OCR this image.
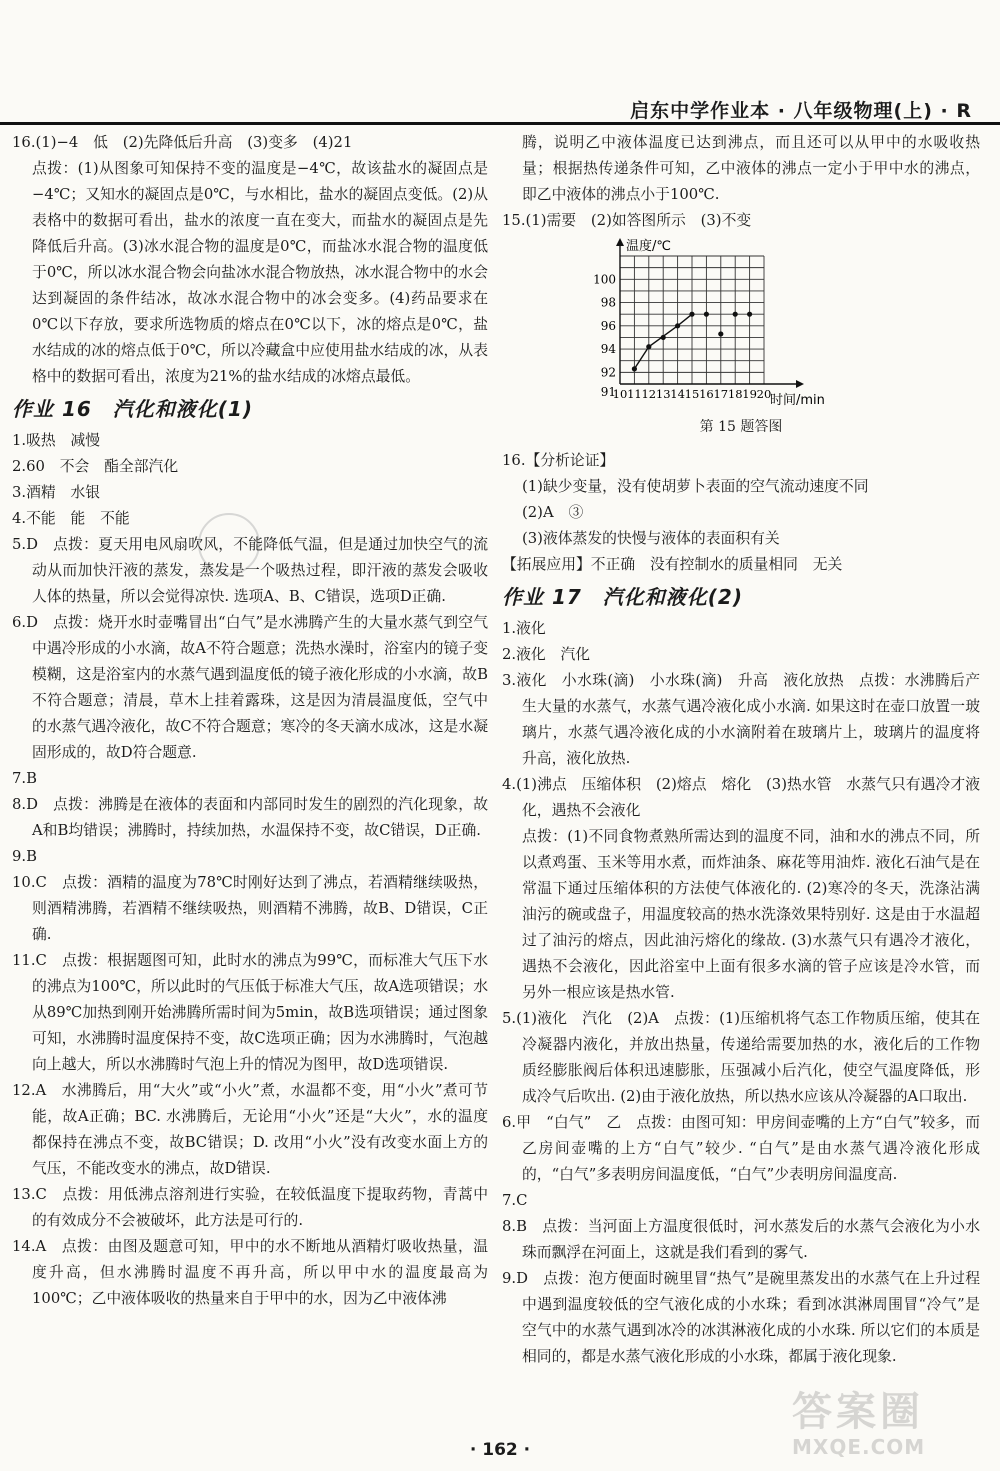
启东中学作业本 · 八年级物理(上) · R
16.(1)−4　低　(2)先降低后升高　(3)变多　(4)21
点拨：(1)从图象可知保持不变的温度是−4℃，故该盐水的凝固点是−4℃；又知水的凝固点是0℃，与水相比，盐水的凝固点变低。(2)从表格中的数据可看出，盐水的浓度一直在变大，而盐水的凝固点是先降低后升高。(3)冰水混合物的温度是0℃，而盐冰水混合物的温度低于0℃，所以冰水混合物会向盐冰水混合物放热，冰水混合物中的水会达到凝固的条件结冰，故冰水混合物中的冰会变多。(4)药品要求在0℃以下存放，要求所选物质的熔点在0℃以下，冰的熔点是0℃，盐水结成的冰的熔点低于0℃，所以冷藏盒中应使用盐水结成的冰，从表格中的数据可看出，浓度为21%的盐水结成的冰熔点最低。
作业 16　汽化和液化(1)
1.吸热　减慢
2.60　不会　酯全部汽化
3.酒精　水银
4.不能　能　不能
5.D　点拨：夏天用电风扇吹风，不能降低气温，但是通过加快空气的流动从而加快汗液的蒸发，蒸发是一个吸热过程，即汗液的蒸发会吸收人体的热量，所以会觉得凉快. 选项A、B、C错误，选项D正确.
6.D　点拨：烧开水时壶嘴冒出“白气”是水沸腾产生的大量水蒸气到空气中遇冷形成的小水滴，故A不符合题意；洗热水澡时，浴室内的镜子变模糊，这是浴室内的水蒸气遇到温度低的镜子液化形成的小水滴，故B不符合题意；清晨，草木上挂着露珠，这是因为清晨温度低，空气中的水蒸气遇冷液化，故C不符合题意；寒冷的冬天滴水成冰，这是水凝固形成的，故D符合题意.
7.B
8.D　点拨：沸腾是在液体的表面和内部同时发生的剧烈的汽化现象，故A和B均错误；沸腾时，持续加热，水温保持不变，故C错误，D正确.
9.B
10.C　点拨：酒精的温度为78℃时刚好达到了沸点，若酒精继续吸热，则酒精沸腾，若酒精不继续吸热，则酒精不沸腾，故B、D错误，C正确.
11.C　点拨：根据题图可知，此时水的沸点为99℃，而标准大气压下水的沸点为100℃，所以此时的气压低于标准大气压，故A选项错误；水从89℃加热到刚开始沸腾所需时间为5min，故B选项错误；通过图象可知，水沸腾时温度保持不变，故C选项正确；因为水沸腾时，气泡越向上越大，所以水沸腾时气泡上升的情况为图甲，故D选项错误.
12.A　水沸腾后，用“大火”或“小火”煮，水温都不变，用“小火”煮可节能，故A正确；BC. 水沸腾后，无论用“小火”还是“大火”，水的温度都保持在沸点不变，故BC错误；D. 改用“小火”没有改变水面上方的气压，不能改变水的沸点，故D错误.
13.C　点拨：用低沸点溶剂进行实验，在较低温度下提取药物，青蒿中的有效成分不会被破坏，此方法是可行的.
14.A　点拨：由图及题意可知，甲中的水不断地从酒精灯吸收热量，温度升高，但水沸腾时温度不再升高，所以甲中水的温度最高为100℃；乙中液体吸收的热量来自于甲中的水，因为乙中液体沸
腾，说明乙中液体温度已达到沸点，而且还可以从甲中的水吸收热量；根据热传递条件可知，乙中液体的沸点一定小于甲中水的沸点，即乙中液体的沸点小于100℃.
15.(1)需要　(2)如答图所示　(3)不变
温度/℃
时间/min
91
92
94
96
98
100
10 11 12 13 14 15 16 17 18 19 20
第 15 题答图
16.【分析论证】
(1)缺少变量，没有使胡萝卜表面的空气流动速度不同
(2)A　③
(3)液体蒸发的快慢与液体的表面积有关
【拓展应用】不正确　没有控制水的质量相同　无关
作业 17　汽化和液化(2)
1.液化
2.液化　汽化
3.液化　小水珠(滴)　小水珠(滴)　升高　液化放热　点拨：水沸腾后产生大量的水蒸气，水蒸气遇冷液化成小水滴. 如果这时在壶口放置一玻璃片，水蒸气遇冷液化成的小水滴附着在玻璃片上，玻璃片的温度将升高，液化放热.
4.(1)沸点　压缩体积　(2)熔点　熔化　(3)热水管　水蒸气只有遇冷才液化，遇热不会液化
点拨：(1)不同食物煮熟所需达到的温度不同，油和水的沸点不同，所以煮鸡蛋、玉米等用水煮，而炸油条、麻花等用油炸. 液化石油气是在常温下通过压缩体积的方法使气体液化的. (2)寒冷的冬天，洗涤沾满油污的碗或盘子，用温度较高的热水洗涤效果特别好. 这是由于水温超过了油污的熔点，因此油污熔化的缘故. (3)水蒸气只有遇冷才液化，遇热不会液化，因此浴室中上面有很多水滴的管子应该是冷水管，而另外一根应该是热水管.
5.(1)液化　汽化　(2)A　点拨：(1)压缩机将气态工作物质压缩，使其在冷凝器内液化，并放出热量，传递给需要加热的水，液化后的工作物质经膨胀阀后体积迅速膨胀，压强减小后汽化，使空气温度降低，形成冷气后吹出. (2)由于液化放热，所以热水应该从冷凝器的A口取出.
6.甲　“白气”　乙　点拨：由图可知：甲房间壶嘴的上方“白气”较多，而乙房间壶嘴的上方“白气”较少. “白气”是由水蒸气遇冷液化形成的，“白气”多表明房间温度低，“白气”少表明房间温度高.
7.C
8.B　点拨：当河面上方温度很低时，河水蒸发后的水蒸气会液化为小水珠而飘浮在河面上，这就是我们看到的雾气.
9.D　点拨：泡方便面时碗里冒“热气”是碗里蒸发出的水蒸气在上升过程中遇到温度较低的空气液化成的小水珠；看到冰淇淋周围冒“冷气”是空气中的水蒸气遇到冰冷的冰淇淋液化成的小水珠. 所以它们的本质是相同的，都是水蒸气液化形成的小水珠，都属于液化现象.
· 162 ·
答案圈
MXQE.COM
